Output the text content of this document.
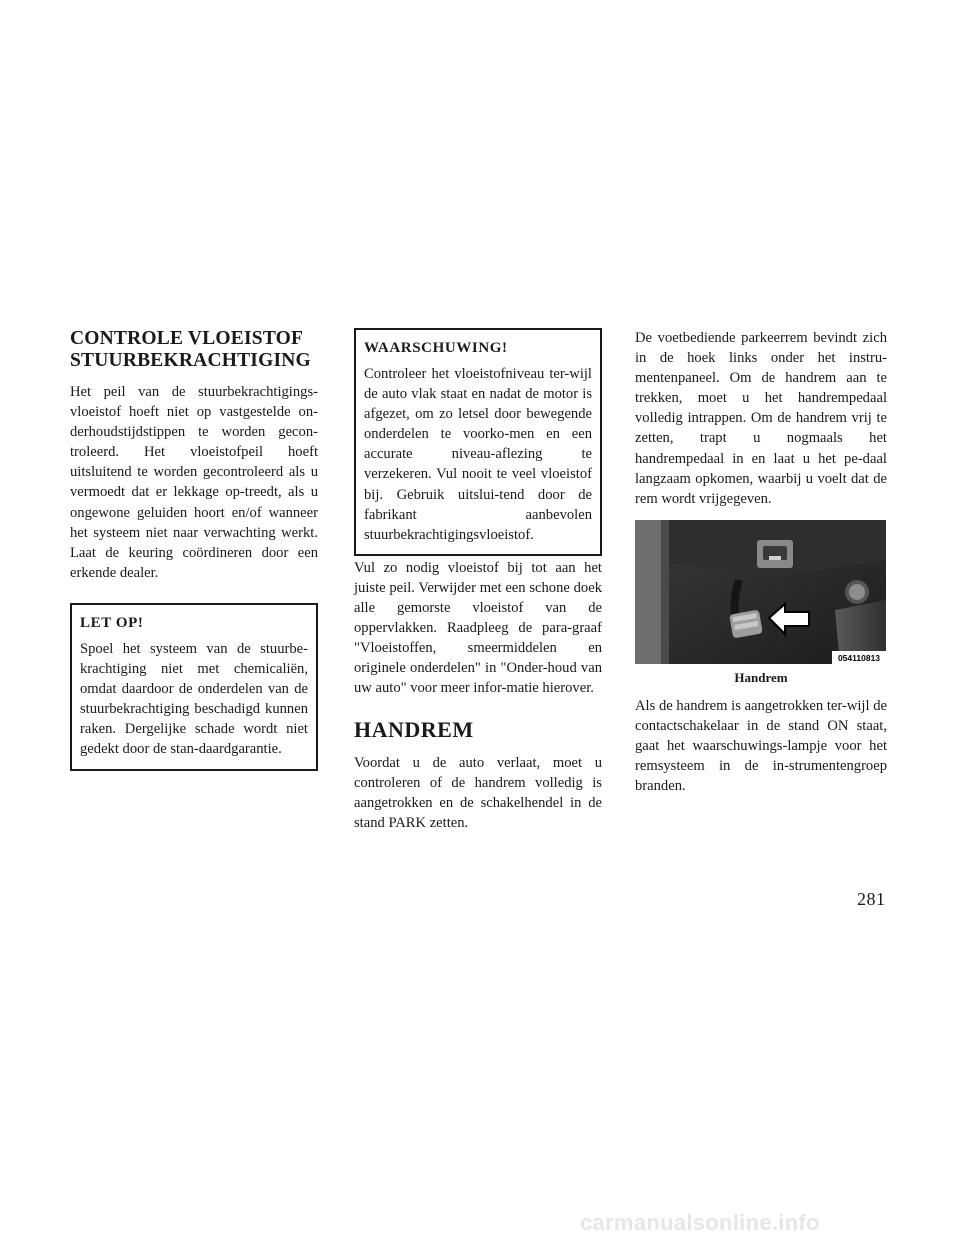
CONTROLE VLOEISTOF
STUURBEKRACHTIGING

Het peil van de stuurbekrachtigings-vloeistof hoeft niet op vastgestelde on-derhoudstijdstippen te worden gecon-troleerd. Het vloeistofpeil hoeft uitsluitend te worden gecontroleerd als u vermoedt dat er lekkage op-treedt, als u ongewone geluiden hoort en/of wanneer het systeem niet naar verwachting werkt. Laat de keuring coördineren door een erkende dealer.

LET OP!

Spoel het systeem van de stuurbe-krachtiging niet met chemicaliën, omdat daardoor de onderdelen van de stuurbekrachtiging beschadigd kunnen raken. Dergelijke schade wordt niet gedekt door de stan-daardgarantie.

WAARSCHUWING!

Controleer het vloeistofniveau ter-wijl de auto vlak staat en nadat de motor is afgezet, om zo letsel door bewegende onderdelen te voorko-men en een accurate niveau-aflezing te verzekeren. Vul nooit te veel vloeistof bij. Gebruik uitslui-tend door de fabrikant aanbevolen stuurbekrachtigingsvloeistof.

Vul zo nodig vloeistof bij tot aan het juiste peil. Verwijder met een schone doek alle gemorste vloeistof van de oppervlakken. Raadpleeg de para-graaf "Vloeistoffen, smeermiddelen en originele onderdelen" in "Onder-houd van uw auto" voor meer infor-matie hierover.

HANDREM

Voordat u de auto verlaat, moet u controleren of de handrem volledig is aangetrokken en de schakelhendel in de stand PARK zetten.

De voetbediende parkeerrem bevindt zich in de hoek links onder het instru-mentenpaneel. Om de handrem aan te trekken, moet u het handrempedaal volledig intrappen. Om de handrem vrij te zetten, trapt u nogmaals het handrempedaal in en laat u het pe-daal langzaam opkomen, waarbij u voelt dat de rem wordt vrijgegeven.

054110813
Handrem

Als de handrem is aangetrokken ter-wijl de contactschakelaar in de stand ON staat, gaat het waarschuwings-lampje voor het remsysteem in de in-strumentengroep branden.

281
carmanualsonline.info
